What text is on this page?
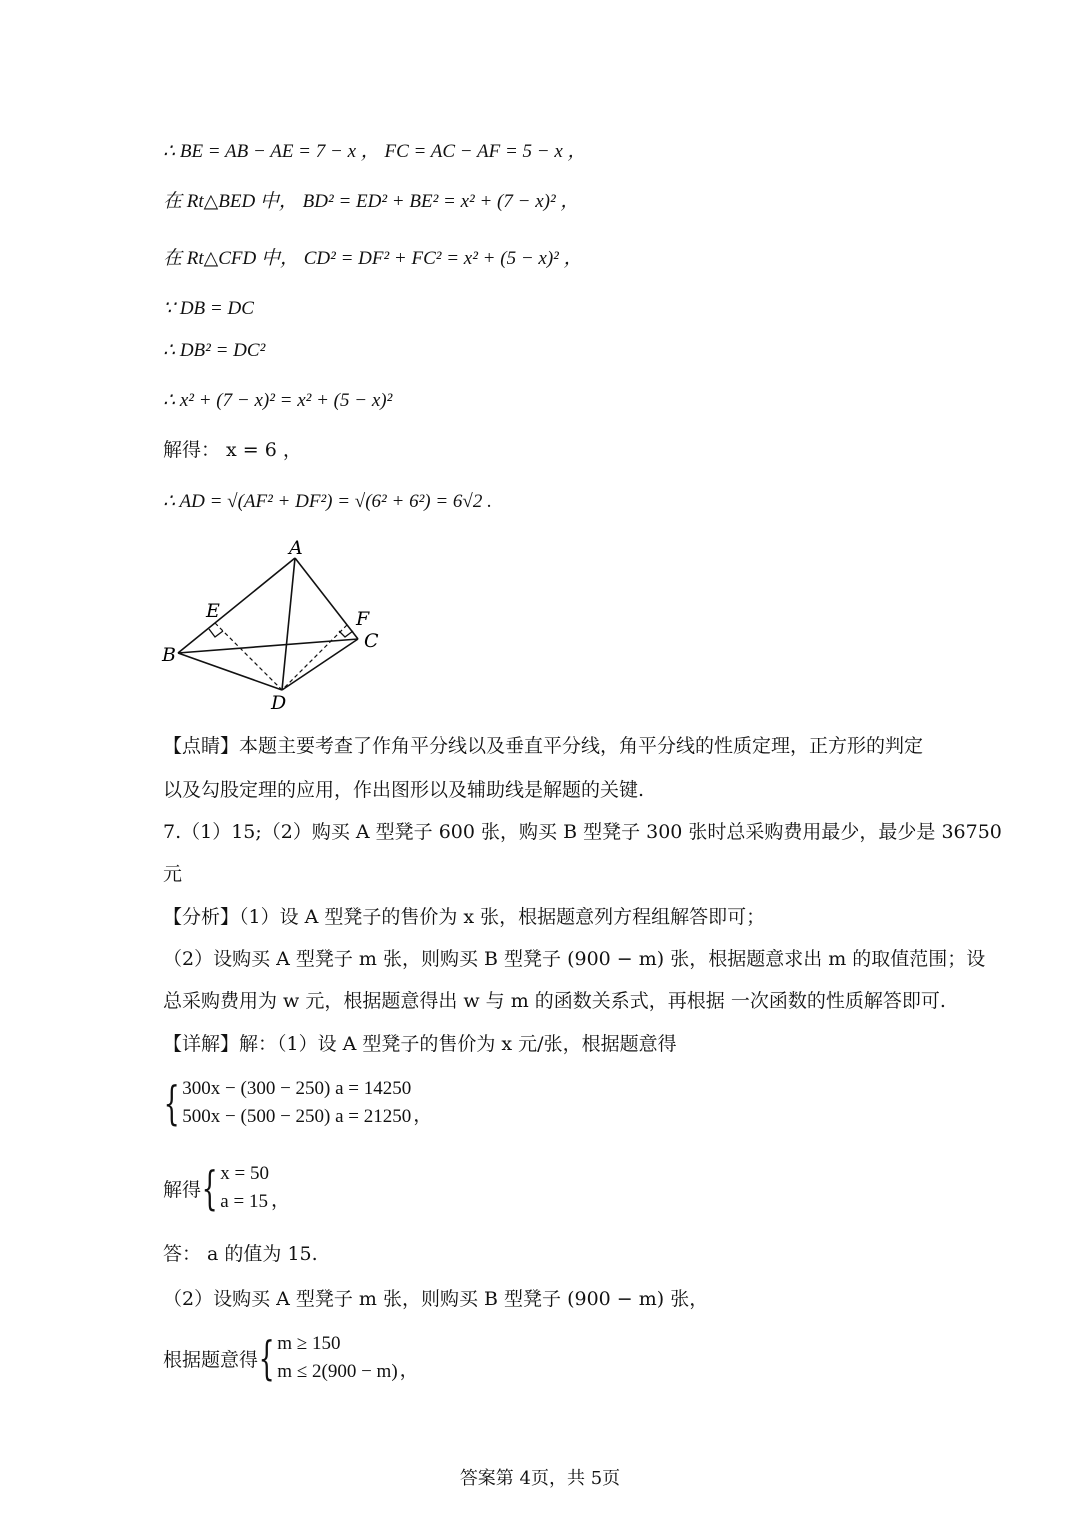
∴ BE = AB − AE = 7 − x ， FC = AC − AF = 5 − x ，
在 Rt△BED 中， BD² = ED² + BE² = x² + (7 − x)² ，
在 Rt△CFD 中， CD² = DF² + FC² = x² + (5 − x)² ，
∵ DB = DC
∴ DB² = DC²
∴ x² + (7 − x)² = x² + (5 − x)²
解得： x = 6 ，
∴ AD = √(AF² + DF²) = √(6² + 6²) = 6√2 .
A
B
C
D
E	F
【点睛】本题主要考查了作角平分线以及垂直平分线，角平分线的性质定理，正方形的判定
以及勾股定理的应用，作出图形以及辅助线是解题的关键.
7.（1）15;（2）购买 A 型凳子 600 张，购买 B 型凳子 300 张时总采购费用最少，最少是 36750
元
【分析】（1）设 A 型凳子的售价为 x 张，根据题意列方程组解答即可；
（2）设购买 A 型凳子 m 张，则购买 B 型凳子 (900 − m) 张，根据题意求出 m 的取值范围；设
总采购费用为 w 元，根据题意得出 w 与 m 的函数关系式，再根据 一次函数的性质解答即可.
【详解】解：（1）设 A 型凳子的售价为 x 元/张，根据题意得
{ 300x − (300 − 250) a = 14250
500x − (500 − 250) a = 21250 ，
解得 { x = 50
a = 15 ，
答： a 的值为 15.
（2）设购买 A 型凳子 m 张，则购买 B 型凳子 (900 − m) 张，
根据题意得 { m ≥ 150
m ≤ 2(900 − m) ，
答案第 4页，共 5页
